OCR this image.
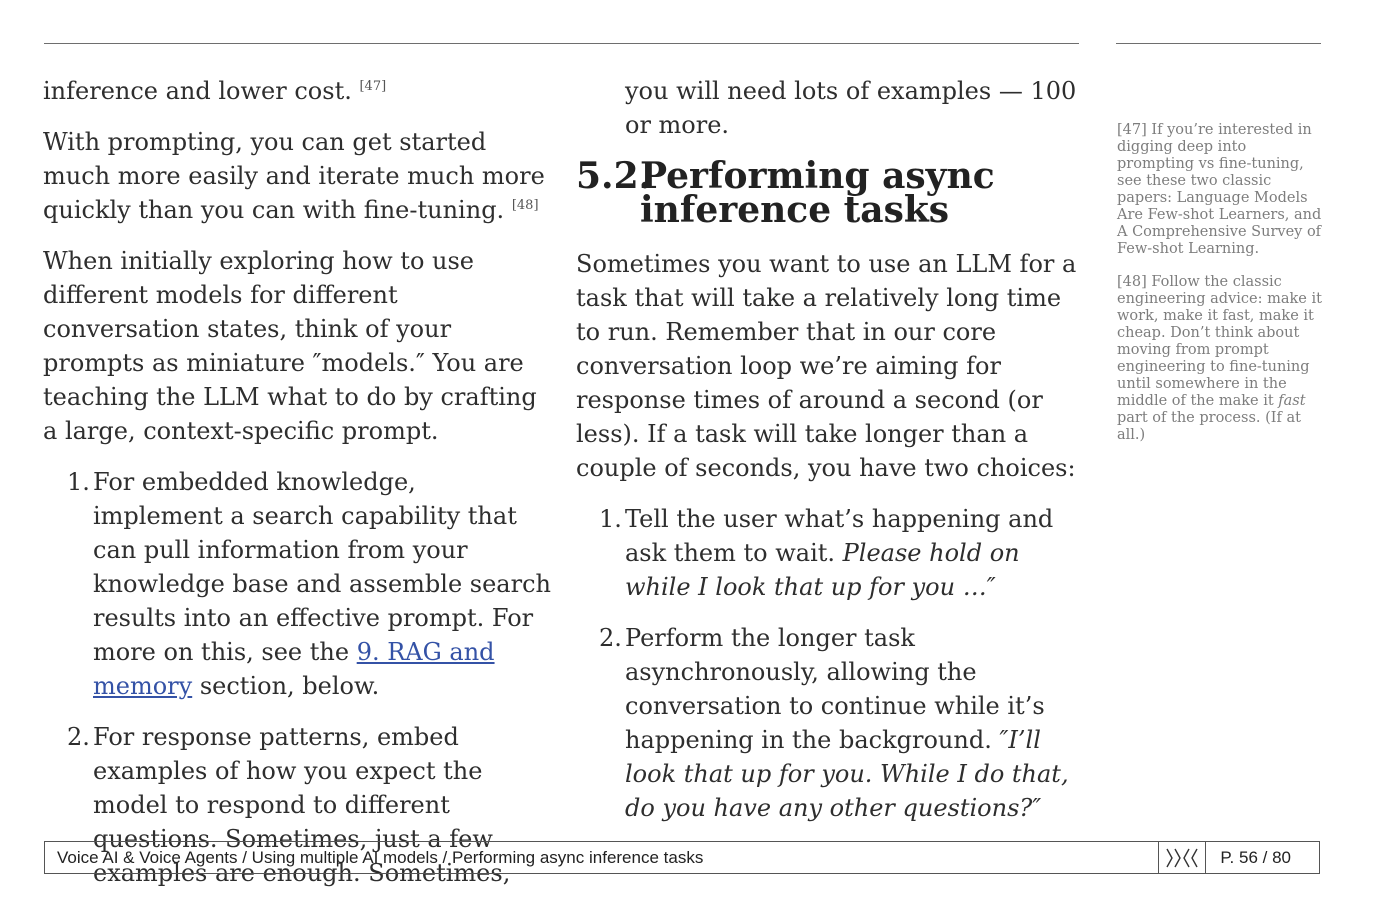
inference and lower cost. [47]

With prompting, you can get started much more easily and iterate much more quickly than you can with fine-tuning. [48]

When initially exploring how to use different models for different conversation states, think of your prompts as miniature ″models.″ You are teaching the LLM what to do by crafting a large, context-specific prompt.

1. For embedded knowledge, implement a search capability that can pull information from your knowledge base and assemble search results into an effective prompt. For more on this, see the 9. RAG and memory section, below.
2. For response patterns, embed examples of how you expect the model to respond to different questions. Sometimes, just a few examples are enough. Sometimes,

you will need lots of examples — 100 or more.

5.2.
Performing async inference tasks

Sometimes you want to use an LLM for a task that will take a relatively long time to run. Remember that in our core conversation loop we’re aiming for response times of around a second (or less). If a task will take longer than a couple of seconds, you have two choices:

1. Tell the user what’s happening and ask them to wait. Please hold on while I look that up for you …″
2. Perform the longer task asynchronously, allowing the conversation to continue while it’s happening in the background. ″I’ll look that up for you. While I do that, do you have any other questions?″

[47] If you’re interested in digging deep into prompting vs fine-tuning, see these two classic papers: Language Models Are Few-shot Learners, and A Comprehensive Survey of Few-shot Learning.

[48] Follow the classic engineering advice: make it work, make it fast, make it cheap. Don’t think about moving from prompt engineering to fine-tuning until somewhere in the middle of the make it fast part of the process. (If at all.)

Voice AI & Voice Agents / Using multiple AI models / Performing async inference tasks	P. 56 / 80
